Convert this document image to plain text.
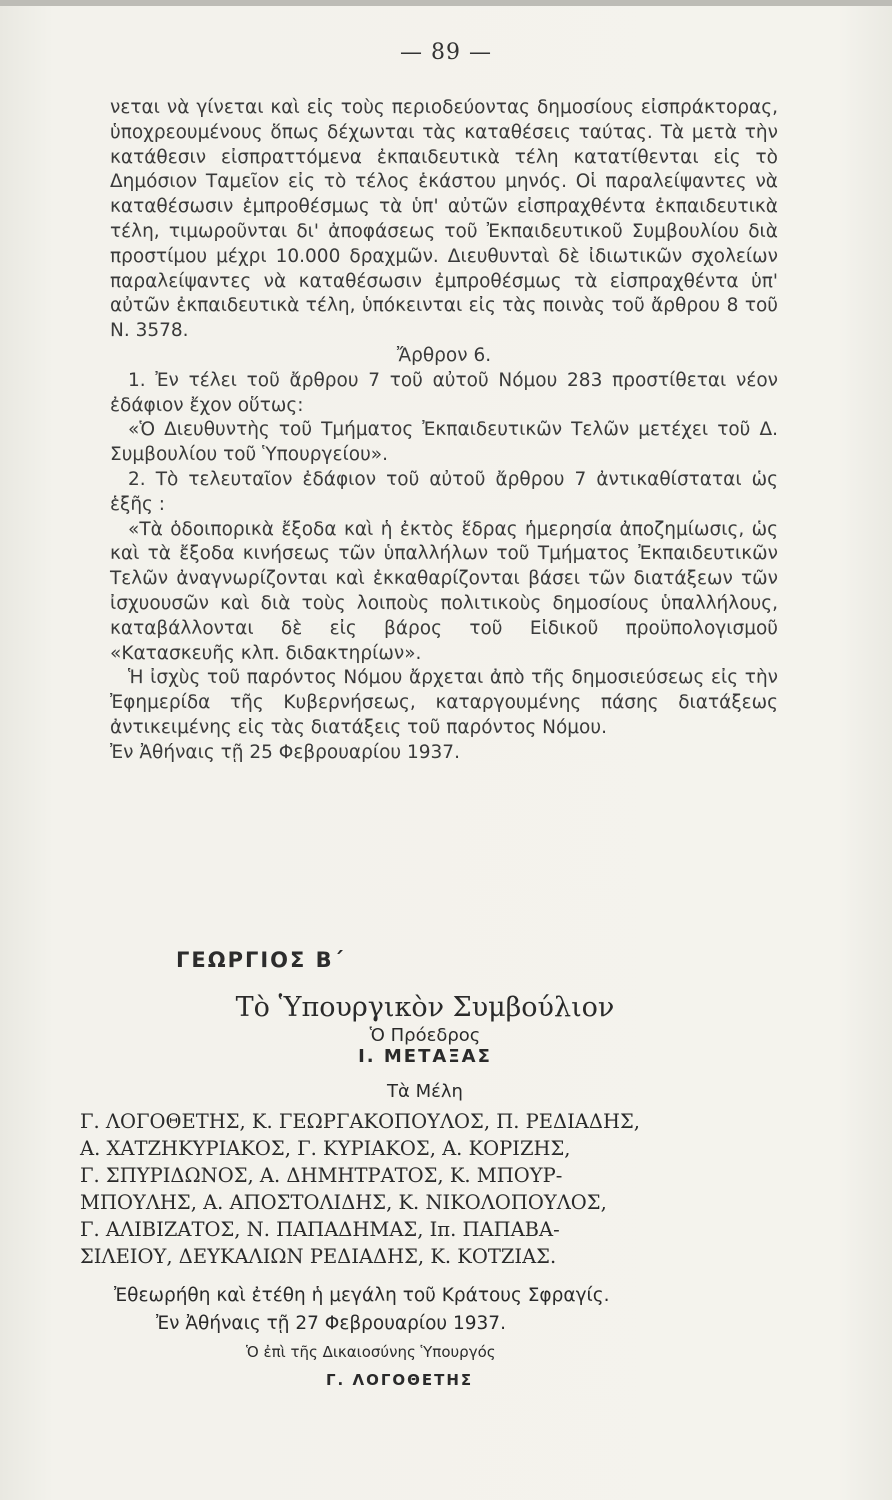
— 89 —

νεται νὰ γίνεται καὶ εἰς τοὺς περιοδεύοντας δημοσίους εἰσπράκτορας, ὑποχρεουμένους ὅπως δέχωνται τὰς καταθέσεις ταύτας. Τὰ μετὰ τὴν κατάθεσιν εἰσπραττόμενα ἐκπαιδευτικὰ τέλη κατατίθενται εἰς τὸ Δημόσιον Ταμεῖον εἰς τὸ τέλος ἑκάστου μηνός. Οἱ παραλείψαντες νὰ καταθέσωσιν ἐμπροθέσμως τὰ ὑπ' αὐτῶν εἰσπραχθέντα ἐκπαιδευτικὰ τέλη, τιμωροῦνται δι' ἀποφάσεως τοῦ Ἐκπαιδευτικοῦ Συμβουλίου διὰ προστίμου μέχρι 10.000 δραχμῶν. Διευθυνταὶ δὲ ἰδιωτικῶν σχολείων παραλείψαντες νὰ καταθέσωσιν ἐμπροθέσμως τὰ εἰσπραχθέντα ὑπ' αὐτῶν ἐκπαιδευτικὰ τέλη, ὑπόκεινται εἰς τὰς ποινὰς τοῦ ἄρθρου 8 τοῦ Ν. 3578.

Ἄρθρον 6.

1. Ἐν τέλει τοῦ ἄρθρου 7 τοῦ αὐτοῦ Νόμου 283 προστίθεται νέον ἐδάφιον ἔχον οὕτως:

«Ὁ Διευθυντὴς τοῦ Τμήματος Ἐκπαιδευτικῶν Τελῶν μετέχει τοῦ Δ. Συμβουλίου τοῦ Ὑπουργείου».

2. Τὸ τελευταῖον ἐδάφιον τοῦ αὐτοῦ ἄρθρου 7 ἀντικαθίσταται ὡς ἑξῆς :

«Τὰ ὁδοιπορικὰ ἔξοδα καὶ ἡ ἐκτὸς ἕδρας ἡμερησία ἀποζημίωσις, ὡς καὶ τὰ ἔξοδα κινήσεως τῶν ὑπαλλήλων τοῦ Τμήματος Ἐκπαιδευτικῶν Τελῶν ἀναγνωρίζονται καὶ ἐκκαθαρίζονται βάσει τῶν διατάξεων τῶν ἰσχυουσῶν καὶ διὰ τοὺς λοιποὺς πολιτικοὺς δημοσίους ὑπαλλήλους, καταβάλλονται δὲ εἰς βάρος τοῦ Εἰδικοῦ προϋπολογισμοῦ «Κατασκευῆς κλπ. διδακτηρίων».

Ἡ ἰσχὺς τοῦ παρόντος Νόμου ἄρχεται ἀπὸ τῆς δημοσιεύσεως εἰς τὴν Ἐφημερίδα τῆς Κυβερνήσεως, καταργουμένης πάσης διατάξεως ἀντικειμένης εἰς τὰς διατάξεις τοῦ παρόντος Νόμου.

Ἐν Ἀθήναις τῇ 25 Φεβρουαρίου 1937.

ΓΕΩΡΓΙΟΣ Β΄
Τὸ Ὑπουργικὸν Συμβούλιον
Ὁ Πρόεδρος
Ι. ΜΕΤΑΞΑΣ
Τὰ Μέλη
Γ. ΛΟΓΟΘΕΤΗΣ, Κ. ΓΕΩΡΓΑΚΟΠΟΥΛΟΣ, Π. ΡΕΔΙΑΔΗΣ,
Α. ΧΑΤΖΗΚΥΡΙΑΚΟΣ, Γ. ΚΥΡΙΑΚΟΣ, Α. ΚΟΡΙΖΗΣ,
Γ. ΣΠΥΡΙΔΩΝΟΣ, Α. ΔΗΜΗΤΡΑΤΟΣ, Κ. ΜΠΟΥΡ-
ΜΠΟΥΛΗΣ, Α. ΑΠΟΣΤΟΛΙΔΗΣ, Κ. ΝΙΚΟΛΟΠΟΥΛΟΣ,
Γ. ΑΛΙΒΙΖΑΤΟΣ, Ν. ΠΑΠΑΔΗΜΑΣ, Ιπ. ΠΑΠΑΒΑ-
ΣΙΛΕΙΟΥ, ΔΕΥΚΑΛΙΩΝ ΡΕΔΙΑΔΗΣ, Κ. ΚΟΤΖΙΑΣ.
Ἐθεωρήθη καὶ ἐτέθη ἡ μεγάλη τοῦ Κράτους Σφραγίς.
Ἐν Ἀθήναις τῇ 27 Φεβρουαρίου 1937.
Ὁ ἐπὶ τῆς Δικαιοσύνης Ὑπουργός
Γ. ΛΟΓΟΘΕΤΗΣ
